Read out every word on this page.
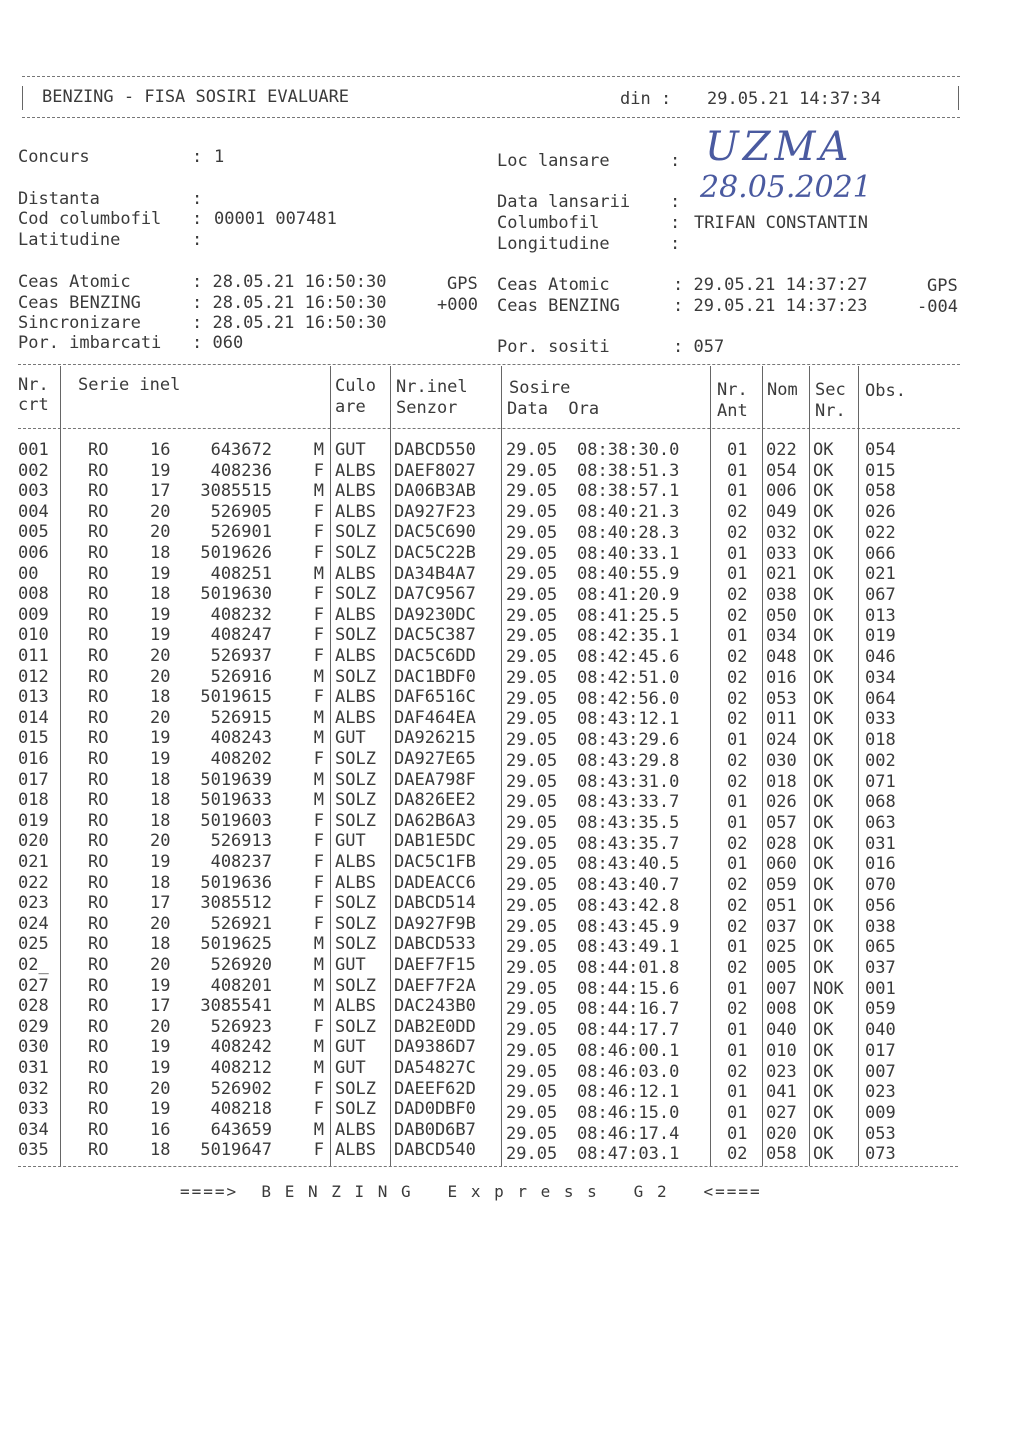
BENZING - FISA SOSIRI EVALUARE	din : 29.05.21 14:37:34
Concurs	: 1
Distanta	:
Cod columbofil : 00001 007481
Latitudine	:
Loc lansare	: UZMA
Data lansarii : 28.05.2021
Columbofil	: TRIFAN CONSTANTIN
Longitudine	:
Ceas Atomic	: 28.05.21 16:50:30	GPS
Ceas BENZING	: 28.05.21 16:50:30	+000
Sincronizare	: 28.05.21 16:50:30
Por. imbarcati : 060
Ceas Atomic	: 29.05.21 14:37:27	GPS
Ceas BENZING	: 29.05.21 14:37:23	-004
Por. sositi	: 057
Nr.
crt
Serie inel	Culo
are
Nr.inel
Senzor
Sosire
Data  Ora
Nr.
Ant
Nom Sec
Nr.
Obs.
001	RO	16	643672	M GUT	DABCD550	29.05	08:38:30.0	01	022 OK	054
002	RO	19	408236	F ALBS	DAEF8027	29.05	08:38:51.3	01	054 OK	015
003	RO	17	3085515	M ALBS	DA06B3AB	29.05	08:38:57.1	01	006 OK	058
004	RO	20	526905	F ALBS	DA927F23	29.05	08:40:21.3	02	049 OK	026
005	RO	20	526901	F SOLZ	DAC5C690	29.05	08:40:28.3	02	032 OK	022
006	RO	18	5019626	F SOLZ	DAC5C22B	29.05	08:40:33.1	01	033 OK	066
00	RO	19	408251	M ALBS	DA34B4A7	29.05	08:40:55.9	01	021 OK	021
008	RO	18	5019630	F SOLZ	DA7C9567	29.05	08:41:20.9	02	038 OK	067
009	RO	19	408232	F ALBS	DA9230DC	29.05	08:41:25.5	02	050 OK	013
010	RO	19	408247	F SOLZ	DAC5C387	29.05	08:42:35.1	01	034 OK	019
011	RO	20	526937	F ALBS	DAC5C6DD	29.05	08:42:45.6	02	048 OK	046
012	RO	20	526916	M SOLZ	DAC1BDF0	29.05	08:42:51.0	02	016 OK	034
013	RO	18	5019615	F ALBS	DAF6516C	29.05	08:42:56.0	02	053 OK	064
014	RO	20	526915	M ALBS	DAF464EA	29.05	08:43:12.1	02	011 OK	033
015	RO	19	408243	M GUT	DA926215	29.05	08:43:29.6	01	024 OK	018
016	RO	19	408202	F SOLZ	DA927E65	29.05	08:43:29.8	02	030 OK	002
017	RO	18	5019639	M SOLZ	DAEA798F	29.05	08:43:31.0	02	018 OK	071
018	RO	18	5019633	M SOLZ	DA826EE2	29.05	08:43:33.7	01	026 OK	068
019	RO	18	5019603	F SOLZ	DA62B6A3	29.05	08:43:35.5	01	057 OK	063
020	RO	20	526913	F GUT	DAB1E5DC	29.05	08:43:35.7	02	028 OK	031
021	RO	19	408237	F ALBS	DAC5C1FB	29.05	08:43:40.5	01	060 OK	016
022	RO	18	5019636	F ALBS	DADEACC6	29.05	08:43:40.7	02	059 OK	070
023	RO	17	3085512	F SOLZ	DABCD514	29.05	08:43:42.8	02	051 OK	056
024	RO	20	526921	F SOLZ	DA927F9B	29.05	08:43:45.9	02	037 OK	038
025	RO	18	5019625	M SOLZ	DABCD533	29.05	08:43:49.1	01	025 OK	065
02_	RO	20	526920	M GUT	DAEF7F15	29.05	08:44:01.8	02	005 OK	037
027	RO	19	408201	M SOLZ	DAEF7F2A	29.05	08:44:15.6	01	007 NOK	001
028	RO	17	3085541	M ALBS	DAC243B0	29.05	08:44:16.7	02	008 OK	059
029	RO	20	526923	F SOLZ	DAB2E0DD	29.05	08:44:17.7	01	040 OK	040
030	RO	19	408242	M GUT	DA9386D7	29.05	08:46:00.1	01	010 OK	017
031	RO	19	408212	M GUT	DA54827C	29.05	08:46:03.0	02	023 OK	007
032	RO	20	526902	F SOLZ	DAEEF62D	29.05	08:46:12.1	01	041 OK	023
033	RO	19	408218	F SOLZ	DAD0DBF0	29.05	08:46:15.0	01	027 OK	009
034	RO	16	643659	M ALBS	DAB0D6B7	29.05	08:46:17.4	01	020 OK	053
035	RO	18	5019647	F ALBS	DABCD540	29.05	08:47:03.1	02	058 OK	073
====>  B E N Z I N G   E x p r e s s   G 2   <====
